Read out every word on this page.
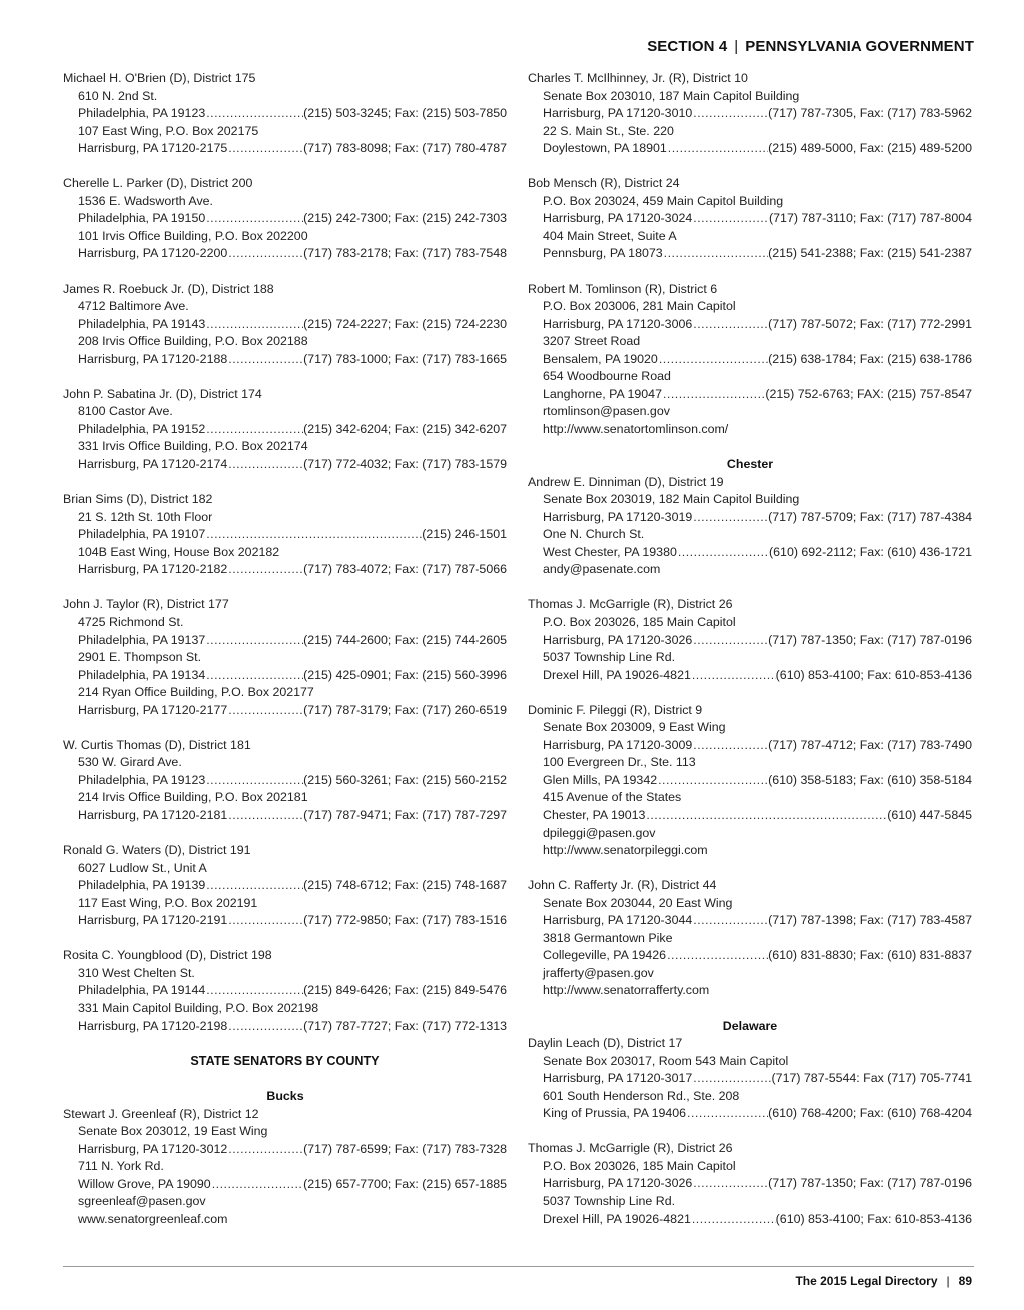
SECTION 4 | PENNSYLVANIA GOVERNMENT
Michael H. O'Brien (D), District 175
610 N. 2nd St.
Philadelphia, PA 19123 .....	(215) 503-3245; Fax: (215) 503-7850
107 East Wing, P.O. Box 202175
Harrisburg, PA 17120-2175 .....	(717) 783-8098; Fax: (717) 780-4787
Cherelle L. Parker (D), District 200
1536 E. Wadsworth Ave.
Philadelphia, PA 19150 .....	(215) 242-7300; Fax: (215) 242-7303
101 Irvis Office Building, P.O. Box 202200
Harrisburg, PA 17120-2200 .....	(717) 783-2178; Fax: (717) 783-7548
James R. Roebuck Jr. (D), District 188
4712 Baltimore Ave.
Philadelphia, PA 19143 .....	(215) 724-2227; Fax: (215) 724-2230
208 Irvis Office Building, P.O. Box 202188
Harrisburg, PA 17120-2188 .....	(717) 783-1000; Fax: (717) 783-1665
John P. Sabatina Jr. (D), District 174
8100 Castor Ave.
Philadelphia, PA 19152 .....	(215) 342-6204; Fax: (215) 342-6207
331 Irvis Office Building, P.O. Box 202174
Harrisburg, PA 17120-2174 .....	(717) 772-4032; Fax: (717) 783-1579
Brian Sims (D), District 182
21 S. 12th St. 10th Floor
Philadelphia, PA 19107 .....	(215) 246-1501
104B East Wing, House Box 202182
Harrisburg, PA 17120-2182 .....	(717) 783-4072; Fax: (717) 787-5066
John J. Taylor (R), District 177
4725 Richmond St.
Philadelphia, PA 19137 .....	(215) 744-2600; Fax: (215) 744-2605
2901 E. Thompson St.
Philadelphia, PA 19134 .....	(215) 425-0901; Fax: (215) 560-3996
214 Ryan Office Building, P.O. Box 202177
Harrisburg, PA 17120-2177 .....	(717) 787-3179; Fax: (717) 260-6519
W. Curtis Thomas (D), District 181
530 W. Girard Ave.
Philadelphia, PA 19123 .....	(215) 560-3261; Fax: (215) 560-2152
214 Irvis Office Building, P.O. Box 202181
Harrisburg, PA 17120-2181 .....	(717) 787-9471; Fax: (717) 787-7297
Ronald G. Waters (D), District 191
6027 Ludlow St., Unit A
Philadelphia, PA 19139 .....	(215) 748-6712; Fax: (215) 748-1687
117 East Wing, P.O. Box 202191
Harrisburg, PA 17120-2191 .....	(717) 772-9850; Fax: (717) 783-1516
Rosita C. Youngblood (D), District 198
310 West Chelten St.
Philadelphia, PA 19144 .....	(215) 849-6426; Fax: (215) 849-5476
331 Main Capitol Building, P.O. Box 202198
Harrisburg, PA 17120-2198 .....	(717) 787-7727; Fax: (717) 772-1313
STATE SENATORS BY COUNTY
Bucks
Stewart J. Greenleaf (R), District 12
Senate Box 203012, 19 East Wing
Harrisburg, PA 17120-3012 .....	(717) 787-6599; Fax: (717) 783-7328
711 N. York Rd.
Willow Grove, PA 19090 .....	(215) 657-7700; Fax: (215) 657-1885
sgreenleaf@pasen.gov
www.senatorgreenleaf.com
Charles T. McIlhinney, Jr. (R), District 10
Senate Box 203010, 187 Main Capitol Building
Harrisburg, PA 17120-3010 .....	(717) 787-7305, Fax: (717) 783-5962
22 S. Main St., Ste. 220
Doylestown, PA 18901 .....	(215) 489-5000, Fax: (215) 489-5200
Bob Mensch (R), District 24
P.O. Box 203024, 459 Main Capitol Building
Harrisburg, PA 17120-3024 .....	(717) 787-3110; Fax: (717) 787-8004
404 Main Street, Suite A
Pennsburg, PA 18073 .....	(215) 541-2388; Fax: (215) 541-2387
Robert M. Tomlinson (R), District 6
P.O. Box 203006, 281 Main Capitol
Harrisburg, PA 17120-3006 .....	(717) 787-5072; Fax: (717) 772-2991
3207 Street Road
Bensalem, PA 19020 .....	(215) 638-1784; Fax: (215) 638-1786
654 Woodbourne Road
Langhorne, PA 19047 .....	(215) 752-6763; FAX: (215) 757-8547
rtomlinson@pasen.gov
http://www.senatortomlinson.com/
Chester
Andrew E. Dinniman (D), District 19
Senate Box 203019, 182 Main Capitol Building
Harrisburg, PA 17120-3019 .....	(717) 787-5709; Fax: (717) 787-4384
One N. Church St.
West Chester, PA 19380 .....	(610) 692-2112; Fax: (610) 436-1721
andy@pasenate.com
Thomas J. McGarrigle (R), District 26
P.O. Box 203026, 185 Main Capitol
Harrisburg, PA 17120-3026 .....	(717) 787-1350; Fax: (717) 787-0196
5037 Township Line Rd.
Drexel Hill, PA 19026-4821 .....	(610) 853-4100; Fax: 610-853-4136
Dominic F. Pileggi (R), District 9
Senate Box 203009, 9 East Wing
Harrisburg, PA 17120-3009 .....	(717) 787-4712; Fax: (717) 783-7490
100 Evergreen Dr., Ste. 113
Glen Mills, PA 19342 .....	(610) 358-5183; Fax: (610) 358-5184
415 Avenue of the States
Chester, PA 19013 .....	(610) 447-5845
dpileggi@pasen.gov
http://www.senatorpileggi.com
John C. Rafferty Jr. (R), District 44
Senate Box 203044, 20 East Wing
Harrisburg, PA 17120-3044 .....	(717) 787-1398; Fax: (717) 783-4587
3818 Germantown Pike
Collegeville, PA 19426 .....	(610) 831-8830; Fax: (610) 831-8837
jrafferty@pasen.gov
http://www.senatorrafferty.com
Delaware
Daylin Leach (D), District 17
Senate Box 203017, Room 543 Main Capitol
Harrisburg, PA 17120-3017 .....	(717) 787-5544: Fax (717) 705-7741
601 South Henderson Rd., Ste. 208
King of Prussia, PA 19406 .....	(610) 768-4200; Fax: (610) 768-4204
Thomas J. McGarrigle (R), District 26
P.O. Box 203026, 185 Main Capitol
Harrisburg, PA 17120-3026 .....	(717) 787-1350; Fax: (717) 787-0196
5037 Township Line Rd.
Drexel Hill, PA 19026-4821 .....	(610) 853-4100; Fax: 610-853-4136
The 2015 Legal Directory | 89
